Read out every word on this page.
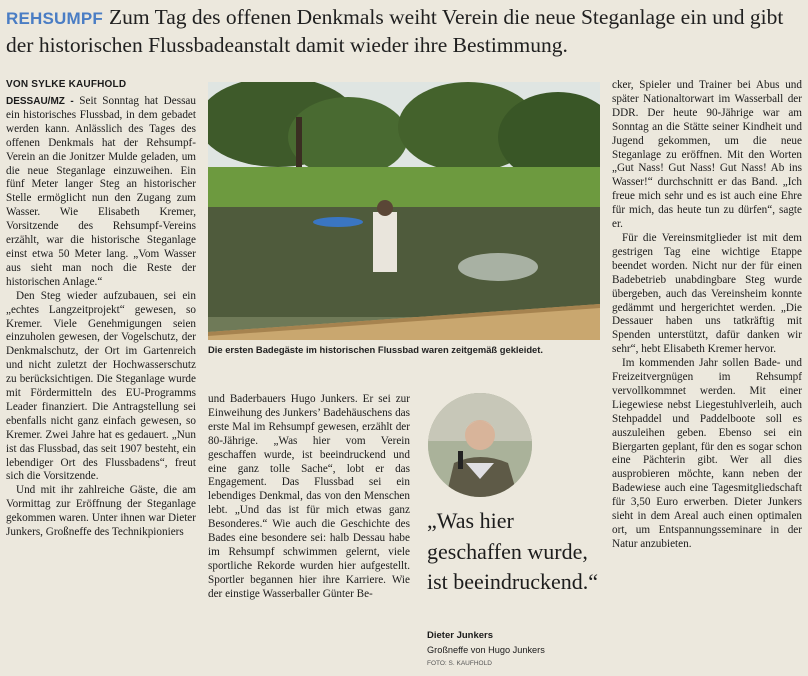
REHSUMPF Zum Tag des offenen Denkmals weiht Verein die neue Steganlage ein und gibt der historischen Flussbadeanstalt damit wieder ihre Bestimmung.
VON SYLKE KAUFHOLD

DESSAU/MZ - Seit Sonntag hat Dessau ein historisches Flussbad, in dem gebadet werden kann. Anlässlich des Tages des offenen Denkmals hat der Rehsumpf-Verein an die Jonitzer Mulde geladen, um die neue Steganlage einzuweihen. Ein fünf Meter langer Steg an historischer Stelle ermöglicht nun den Zugang zum Wasser. Wie Elisabeth Kremer, Vorsitzende des Rehsumpf-Vereins erzählt, war die historische Steganlage einst etwa 50 Meter lang. „Vom Wasser aus sieht man noch die Reste der historischen Anlage.“

Den Steg wieder aufzubauen, sei ein „echtes Langzeitprojekt“ gewesen, so Kremer. Viele Genehmigungen seien einzuholen gewesen, der Vogelschutz, der Denkmalschutz, der Ort im Gartenreich und nicht zuletzt der Hochwasserschutz zu berücksichtigen. Die Steganlage wurde mit Fördermitteln des EU-Programms Leader finanziert. Die Antragstellung sei ebenfalls nicht ganz einfach gewesen, so Kremer. Zwei Jahre hat es gedauert. „Nun ist das Flussbad, das seit 1907 besteht, ein lebendiger Ort des Flussbadens“, freut sich die Vorsitzende.

Und mit ihr zahlreiche Gäste, die am Vormittag zur Eröffnung der Steganlage gekommen waren. Unter ihnen war Dieter Junkers, Großneffe des Technikpioniers

Die ersten Badegäste im historischen Flussbad waren zeitgemäß gekleidet.

und Baderbauers Hugo Junkers. Er sei zur Einweihung des Junkers’ Badehäuschens das erste Mal im Rehsumpf gewesen, erzählt der 80-Jährige. „Was hier vom Verein geschaffen wurde, ist beeindruckend und eine ganz tolle Sache“, lobt er das Engagement. Das Flussbad sei ein lebendiges Denkmal, das von den Menschen lebt. „Und das ist für mich etwas ganz Besonderes.“ Wie auch die Geschichte des Bades eine besondere sei: halb Dessau habe im Rehsumpf schwimmen gelernt, viele sportliche Rekorde wurden hier aufgestellt. Sportler begannen hier ihre Karriere. Wie der einstige Wasserballer Günter Be-

„Was hier geschaffen wurde, ist beeindruckend.“
Dieter Junkers
Großneffe von Hugo Junkers
FOTO: S. KAUFHOLD

cker, Spieler und Trainer bei Abus und später Nationaltorwart im Wasserball der DDR. Der heute 90-Jährige war am Sonntag an die Stätte seiner Kindheit und Jugend gekommen, um die neue Steganlage zu eröffnen. Mit den Worten „Gut Nass! Gut Nass! Gut Nass! Ab ins Wasser!“ durchschnitt er das Band. „Ich freue mich sehr und es ist auch eine Ehre für mich, das heute tun zu dürfen“, sagte er.

Für die Vereinsmitglieder ist mit dem gestrigen Tag eine wichtige Etappe beendet worden. Nicht nur der für einen Badebetrieb unabdingbare Steg wurde übergeben, auch das Vereinsheim konnte gedämmt und hergerichtet werden. „Die Dessauer haben uns tatkräftig mit Spenden unterstützt, dafür danken wir sehr“, hebt Elisabeth Kremer hervor.

Im kommenden Jahr sollen Bade- und Freizeitvergnügen im Rehsumpf vervollkommnet werden. Mit einer Liegewiese nebst Liegestuhlverleih, auch Stehpaddel und Paddelboote soll es auszuleihen geben. Ebenso sei ein Biergarten geplant, für den es sogar schon eine Pächterin gibt. Wer all dies ausprobieren möchte, kann neben der Badewiese auch eine Tagesmitgliedschaft für 3,50 Euro erwerben. Dieter Junkers sieht in dem Areal auch einen optimalen ort, um Entspannungsseminare in der Natur anzubieten.
